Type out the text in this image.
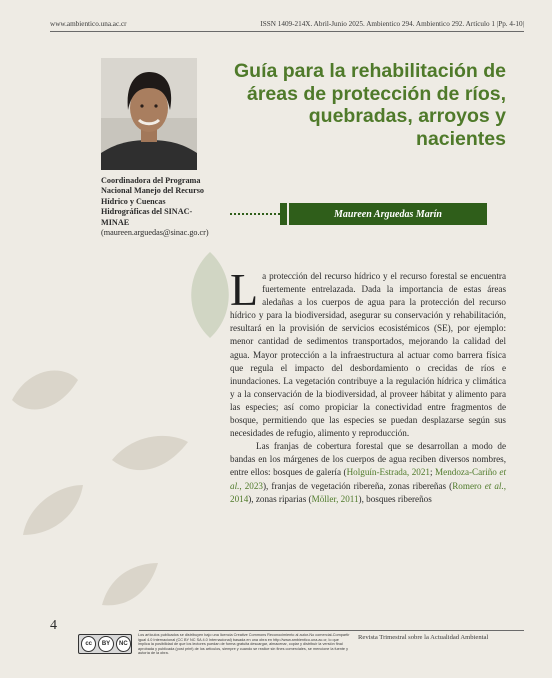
www.ambientico.una.ac.cr	ISSN 1409-214X. Abril-Junio 2025. Ambientico 294. Ambientico 292. Artículo 1 |Pp. 4-10|
Coordinadora del Programa Nacional Manejo del Recurso Hídrico y Cuencas Hidrográficas del SINAC-MINAE (maureen.arguedas@sinac.go.cr)
Guía para la rehabilitación de áreas de protección de ríos, quebradas, arroyos y nacientes
Maureen Arguedas Marín

La protección del recurso hídrico y el recurso forestal se encuentra fuertemente entrelazada. Dada la importancia de estas áreas aledañas a los cuerpos de agua para la protección del recurso hídrico y para la biodiversidad, asegurar su conservación y rehabilitación, resultará en la provisión de servicios ecosistémicos (SE), por ejemplo: menor cantidad de sedimentos transportados, mejorando la calidad del agua. Mayor protección a la infraestructura al actuar como barrera física que regula el impacto del desbordamiento o crecidas de ríos e inundaciones. La vegetación contribuye a la regulación hídrica y climática y a la conservación de la biodiversidad, al proveer hábitat y alimento para las especies; así como propiciar la conectividad entre fragmentos de bosque, permitiendo que las especies se puedan desplazarse según sus necesidades de refugio, alimento y reproducción.

Las franjas de cobertura forestal que se desarrollan a modo de bandas en los márgenes de los cuerpos de agua reciben diversos nombres, entre ellos: bosques de galería (Holguín-Estrada, 2021; Mendoza-Cariño et al., 2023), franjas de vegetación ribereña, zonas ribereñas (Romero et al., 2014), zonas riparias (Möller, 2011), bosques ribereños

4
cc	BY	NC
Los artículos publicados se distribuyen bajo una licencia Creative Commons Reconocimiento al autor-No comercial-Compartir igual 4.0 Internacional (CC BY NC SA 4.0 Internacional) basada en una obra en http://www.ambientico.una.ac.cr, lo que implica la posibilidad de que los lectores puedan de forma gratuita descargar, almacenar, copiar y distribuir la versión final aprobada y publicada (post print) de los artículos, siempre y cuando se realice sin fines comerciales, se mencione la fuente y autoría de la obra.
Revista Trimestral sobre la Actualidad Ambiental
